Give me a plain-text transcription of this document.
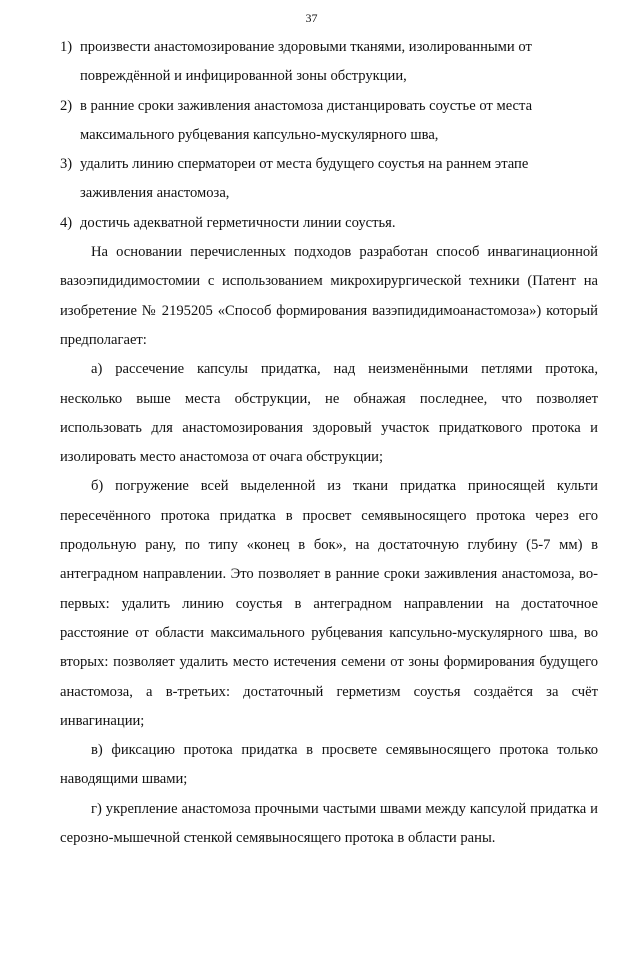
37
1) произвести анастомозирование здоровыми тканями, изолированными от повреждённой и инфицированной зоны обструкции,
2) в ранние сроки заживления анастомоза дистанцировать соустье от места максимального рубцевания капсульно-мускулярного шва,
3) удалить линию сперматореи от места будущего соустья на раннем этапе заживления анастомоза,
4) достичь адекватной герметичности линии соустья.
На основании перечисленных подходов разработан способ инвагинационной вазоэпидидимостомии с использованием микрохирургической техники (Патент на изобретение № 2195205 «Способ формирования вазэпидидимоанастомоза») который предполагает:
а) рассечение капсулы придатка, над неизменёнными петлями протока, несколько выше места обструкции, не обнажая последнее, что позволяет использовать для анастомозирования здоровый участок придаткового протока и изолировать место анастомоза от очага обструкции;
б) погружение всей выделенной из ткани придатка приносящей культи пересечённого протока придатка в просвет семявыносящего протока через его продольную рану, по типу «конец в бок», на достаточную глубину (5-7 мм) в антеградном направлении. Это позволяет в ранние сроки заживления анастомоза, во-первых: удалить линию соустья в антеградном направлении на достаточное расстояние от области максимального рубцевания капсульно-мускулярного шва, во вторых: позволяет удалить место истечения семени от зоны формирования будущего анастомоза, а в-третьих: достаточный герметизм соустья создаётся за счёт инвагинации;
в) фиксацию протока придатка в просвете семявыносящего протока только наводящими швами;
г) укрепление анастомоза прочными частыми швами между капсулой придатка и серозно-мышечной стенкой семявыносящего протока в области раны.
